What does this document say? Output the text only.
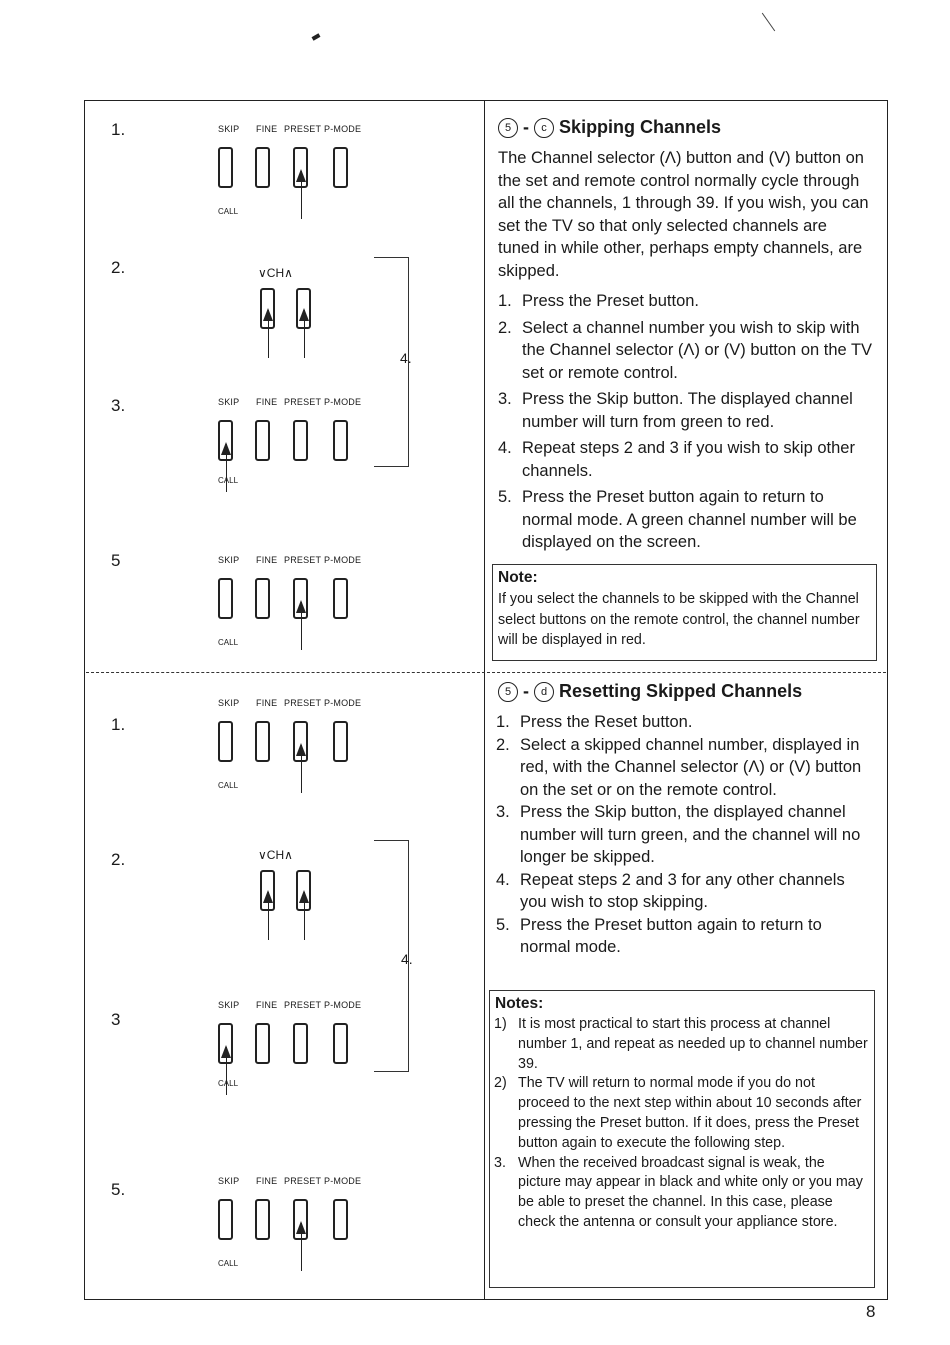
1.
2.
3.
5
1.
2.
3
5.
4.
4.
5 - c Skipping Channels
The Channel selector (Λ) button and (V) button on the set and remote control normally cycle through all the channels, 1 through 39. If you wish, you can set the TV so that only selected channels are tuned in while other, perhaps empty channels, are skipped.
1. Press the Preset button.
2. Select a channel number you wish to skip with the Channel selector (Λ) or (V) button on the TV set or remote control.
3. Press the Skip button. The displayed channel number will turn from green to red.
4. Repeat steps 2 and 3 if you wish to skip other channels.
5. Press the Preset button again to return to normal mode. A green channel number will be displayed on the screen.
Note:
If you select the channels to be skipped with the Channel select buttons on the remote control, the channel number will be displayed in red.
5 - d Resetting Skipped Channels
1. Press the Reset button.
2. Select a skipped channel number, displayed in red, with the Channel selector (Λ) or (V) button on the set or on the remote control.
3. Press the Skip button, the displayed channel number will turn green, and the channel will no longer be skipped.
4. Repeat steps 2 and 3 for any other channels you wish to stop skipping.
5. Press the Preset button again to return to normal mode.
Notes:
1) It is most practical to start this process at channel number 1, and repeat as needed up to channel number 39.
2) The TV will return to normal mode if you do not proceed to the next step within about 10 seconds after pressing the Preset button. If it does, press the Preset button again to execute the following step.
3. When the received broadcast signal is weak, the picture may appear in black and white only or you may be able to preset the channel. In this case, please check the antenna or consult your appliance store.
8
SKIP FINE PRESET P-MODE
CALL
SKIP FINE PRESET P-MODE
CALL
SKIP FINE PRESET P-MODE
CALL
SKIP FINE PRESET P-MODE
CALL
SKIP FINE PRESET P-MODE
CALL
SKIP FINE PRESET P-MODE
CALL
∨CH∧
∨CH∧
